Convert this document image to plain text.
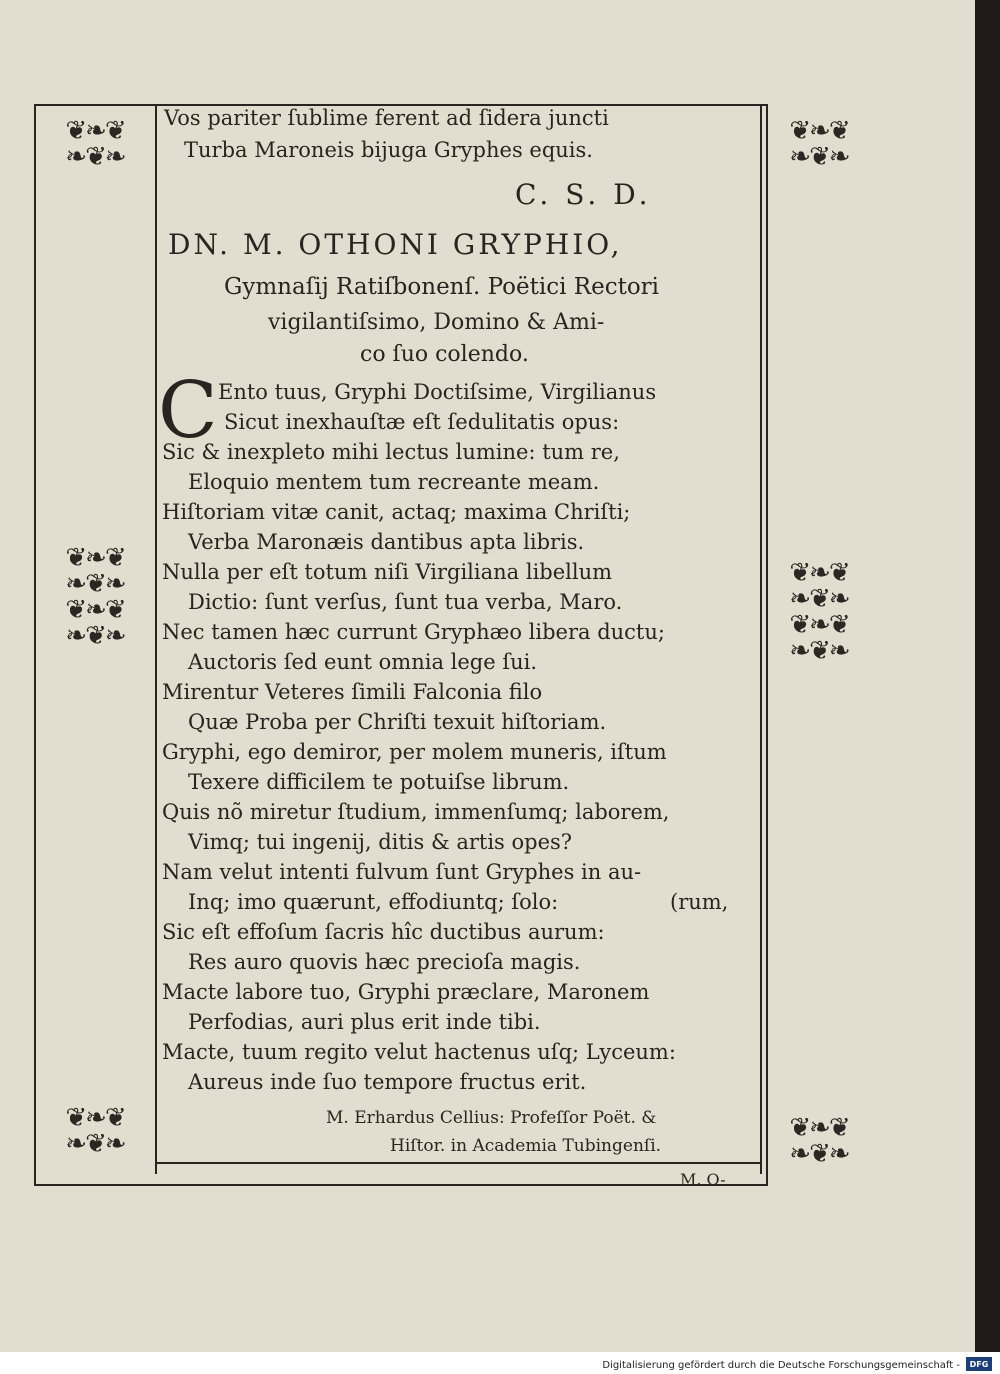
❦❧❦
❧❦❧
❦❧❦
❧❦❧
❦❧❦
❧❦❧
❦❧❦
❧❦❧
❦❧❦
❧❦❧
❦❧❦
❧❦❧
❦❧❦
❧❦❧
❦❧❦
❧❦❧
Vos pariter ſublime ferent ad ſidera juncti
Turba Maroneis bijuga Gryphes equis.
C. S. D.
DN. M. OTHONI GRYPHIO,
Gymnaſij Ratiſbonenſ. Poëtici Rectori
vigilantiſsimo, Domino & Ami-
co ſuo colendo.
C Ento tuus, Gryphi Doctiſsime, Virgilianus
Sicut inexhauſtæ eſt ſedulitatis opus:
Sic & inexpleto mihi lectus lumine: tum re,
Eloquio mentem tum recreante meam.
Hiſtoriam vitæ canit, actaq; maxima Chriſti;
Verba Maronæis dantibus apta libris.
Nulla per eſt totum niſi Virgiliana libellum
Dictio: ſunt verſus, ſunt tua verba, Maro.
Nec tamen hæc currunt Gryphæo libera ductu;
Auctoris ſed eunt omnia lege ſui.
Mirentur Veteres ſimili Falconia filo
Quæ Proba per Chriſti texuit hiſtoriam.
Gryphi, ego demiror, per molem muneris, iſtum
Texere difficilem te potuiſse librum.
Quis nõ miretur ſtudium, immenſumq; laborem,
Vimq; tui ingenij, ditis & artis opes?
Nam velut intenti fulvum ſunt Gryphes in au-
Inq; imo quærunt, effodiuntq; ſolo:	(rum,
Sic eſt effoſum ſacris hîc ductibus aurum:
Res auro quovis hæc precioſa magis.
Macte labore tuo, Gryphi præclare, Maronem
Perfodias, auri plus erit inde tibi.
Macte, tuum regito velut hactenus uſq; Lyceum:
Aureus inde ſuo tempore fructus erit.
M. Erhardus Cellius: Profeſſor Poët. &
Hiſtor. in Academia Tubingenſi.
M. O-
Digitalisierung gefördert durch die Deutsche Forschungsgemeinschaft -	DFG
